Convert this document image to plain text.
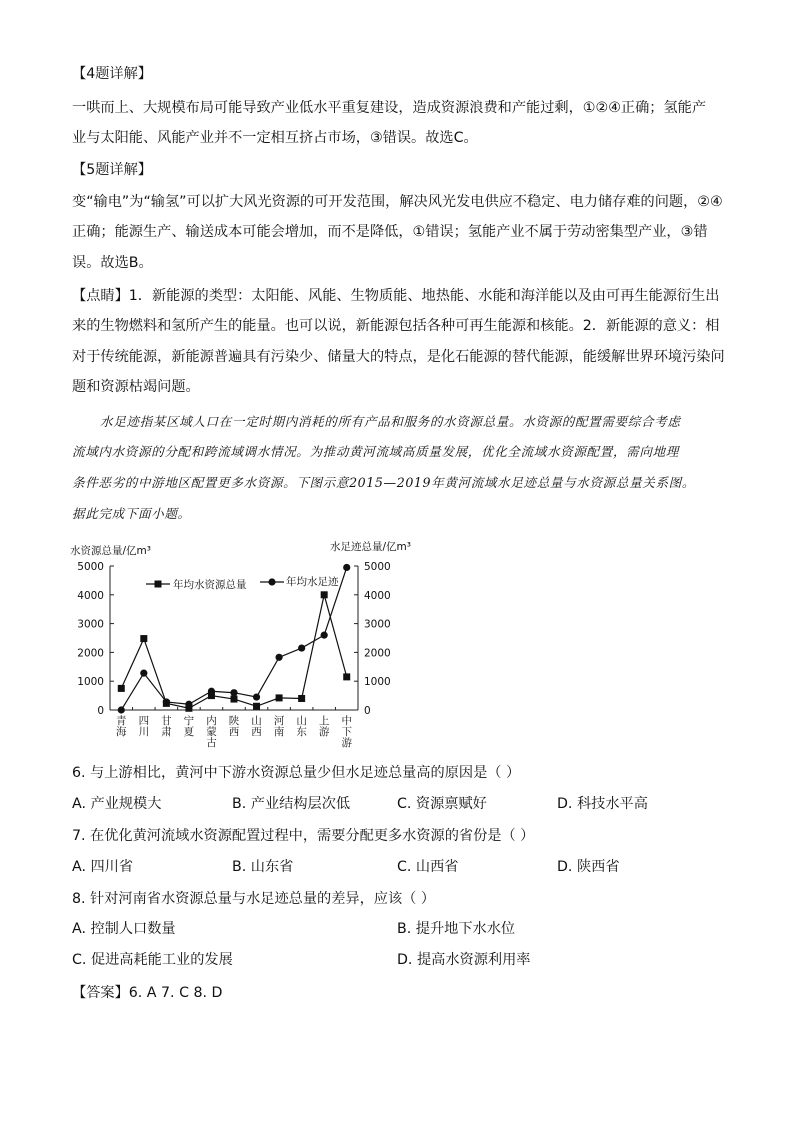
【4题详解】
一哄而上、大规模布局可能导致产业低水平重复建设，造成资源浪费和产能过剩，①②④正确；氢能产
业与太阳能、风能产业并不一定相互挤占市场，③错误。故选C。
【5题详解】
变“输电”为“输氢”可以扩大风光资源的可开发范围，解决风光发电供应不稳定、电力储存难的问题，②④
正确；能源生产、输送成本可能会增加，而不是降低，①错误；氢能产业不属于劳动密集型产业，③错
误。故选B。
【点睛】1．新能源的类型：太阳能、风能、生物质能、地热能、水能和海洋能以及由可再生能源衍生出
来的生物燃料和氢所产生的能量。也可以说，新能源包括各种可再生能源和核能。2．新能源的意义：相
对于传统能源，新能源普遍具有污染少、储量大的特点，是化石能源的替代能源，能缓解世界环境污染问
题和资源枯竭问题。
水足迹指某区域人口在一定时期内消耗的所有产品和服务的水资源总量。水资源的配置需要综合考虑
流域内水资源的分配和跨流域调水情况。为推动黄河流域高质量发展，优化全流域水资源配置，需向地理
条件恶劣的中游地区配置更多水资源。下图示意2015—2019年黄河流域水足迹总量与水资源总量关系图。
据此完成下面小题。
水资源总量/亿m³	水足迹总量/亿m³
年均水资源总量	年均水足迹
0
1000
2000
3000
4000
5000
0
1000
2000
3000
4000
5000
青海
四川
甘肃
宁夏
内蒙古
陕西
山西
河南
山东
上游
中下游
6. 与上游相比，黄河中下游水资源总量少但水足迹总量高的原因是（ ）
A. 产业规模大	B. 产业结构层次低	C. 资源禀赋好	D. 科技水平高
7. 在优化黄河流域水资源配置过程中，需要分配更多水资源的省份是（ ）
A. 四川省	B. 山东省	C. 山西省	D. 陕西省
8. 针对河南省水资源总量与水足迹总量的差异，应该（ ）
A. 控制人口数量	B. 提升地下水水位
C. 促进高耗能工业的发展	D. 提高水资源利用率
【答案】6. A 7. C 8. D
